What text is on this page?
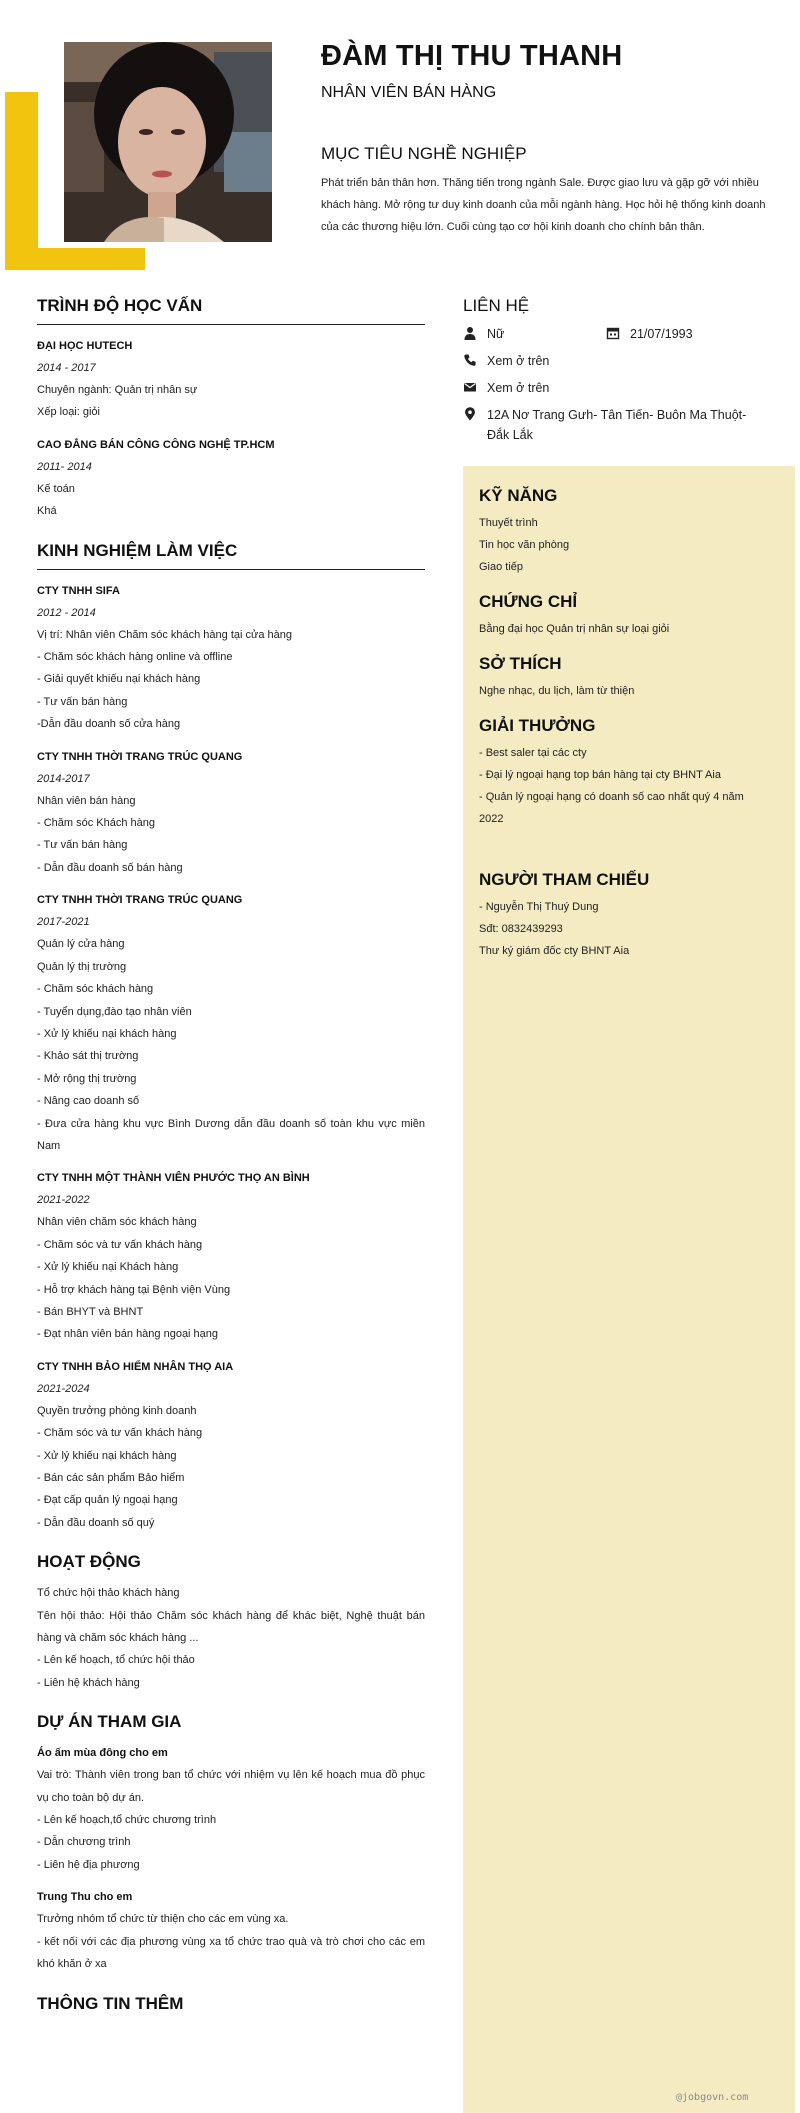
ĐÀM THỊ THU THANH
NHÂN VIÊN BÁN HÀNG
MỤC TIÊU NGHỀ NGHIỆP
Phát triển bản thân hơn. Thăng tiến trong ngành Sale. Được giao lưu và gặp gỡ với nhiều khách hàng. Mở rộng tư duy kinh doanh của mỗi ngành hàng. Học hỏi hệ thống kinh doanh của các thương hiệu lớn. Cuối cùng tạo cơ hội kinh doanh cho chính bản thân.
TRÌNH ĐỘ HỌC VẤN
ĐẠI HỌC HUTECH
2014 - 2017
Chuyên ngành: Quản trị nhân sự
Xếp loại: giỏi
CAO ĐẲNG BÁN CÔNG CÔNG NGHỆ TP.HCM
2011- 2014
Kế toán
Khá
KINH NGHIỆM LÀM VIỆC
CTY TNHH SIFA
2012 - 2014
Vị trí: Nhân viên Chăm sóc khách hàng tại cửa hàng
- Chăm sóc khách hàng online và offline
- Giải quyết khiếu nại khách hàng
- Tư vấn bán hàng
-Dẫn đầu doanh số cửa hàng
CTY TNHH THỜI TRANG TRÚC QUANG
2014-2017
Nhân viên bán hàng
- Chăm sóc Khách hàng
- Tư vấn bán hàng
- Dẫn đầu doanh số bán hàng
CTY TNHH THỜI TRANG TRÚC QUANG
2017-2021
Quản lý cửa hàng
Quản lý thị trường
- Chăm sóc khách hàng
- Tuyển dụng,đào tạo nhân viên
- Xử lý khiếu nại khách hàng
- Khảo sát thị trường
- Mở rộng thị trường
- Nâng cao doanh số
- Đưa cửa hàng khu vực Bình Dương dẫn đầu doanh số toàn khu vực miền Nam
CTY TNHH MỘT THÀNH VIÊN PHƯỚC THỌ AN BÌNH
2021-2022
Nhân viên chăm sóc khách hàng
- Chăm sóc và tư vấn khách hàng
- Xử lý khiếu nại Khách hàng
- Hỗ trợ khách hàng tại Bệnh viện Vùng
- Bán BHYT và BHNT
- Đạt nhân viên bán hàng ngoại hạng
CTY TNHH BẢO HIỂM NHÂN THỌ AIA
2021-2024
Quyền trưởng phòng kinh doanh
- Chăm sóc và tư vấn khách hàng
- Xử lý khiếu nại khách hàng
- Bán các sản phẩm Bảo hiểm
- Đạt cấp quản lý ngoại hạng
- Dẫn đầu doanh số quý
HOẠT ĐỘNG
Tổ chức hội thảo khách hàng
Tên hội thảo: Hội thảo Chăm sóc khách hàng để khác biệt, Nghệ thuật bán hàng và chăm sóc khách hàng ...
- Lên kế hoạch, tổ chức hội thảo
- Liên hệ khách hàng
DỰ ÁN THAM GIA
Áo ấm mùa đông cho em
Vai trò: Thành viên trong ban tổ chức với nhiệm vụ lên kế hoạch mua đồ phục vụ cho toàn bộ dự án.
- Lên kế hoạch,tổ chức chương trình
- Dẫn chương trình
- Liên hệ địa phương
Trung Thu cho em
Trưởng nhóm tổ chức từ thiện cho các em vùng xa.
- kết nối với các địa phương vùng xa tổ chức trao quà và trò chơi cho các em khó khăn ở xa
THÔNG TIN THÊM
LIÊN HỆ
Nữ	21/07/1993
Xem ở trên
Xem ở trên
12A Nơ Trang Gưh- Tân Tiến- Buôn Ma Thuột- Đắk Lắk
KỸ NĂNG
Thuyết trình
Tin học văn phòng
Giao tiếp
CHỨNG CHỈ
Bằng đại học Quản trị nhân sự loại giỏi
SỞ THÍCH
Nghe nhạc, du lịch, làm từ thiện
GIẢI THƯỞNG
- Best saler tại các cty
- Đại lý ngoại hạng top bán hàng tại cty BHNT Aia
- Quản lý ngoại hạng có doanh số cao nhất quý 4 năm 2022
NGƯỜI THAM CHIẾU
- Nguyễn Thị Thuý Dung
Sđt: 0832439293
Thư ký giám đốc cty BHNT Aia
@jobgovn.com
